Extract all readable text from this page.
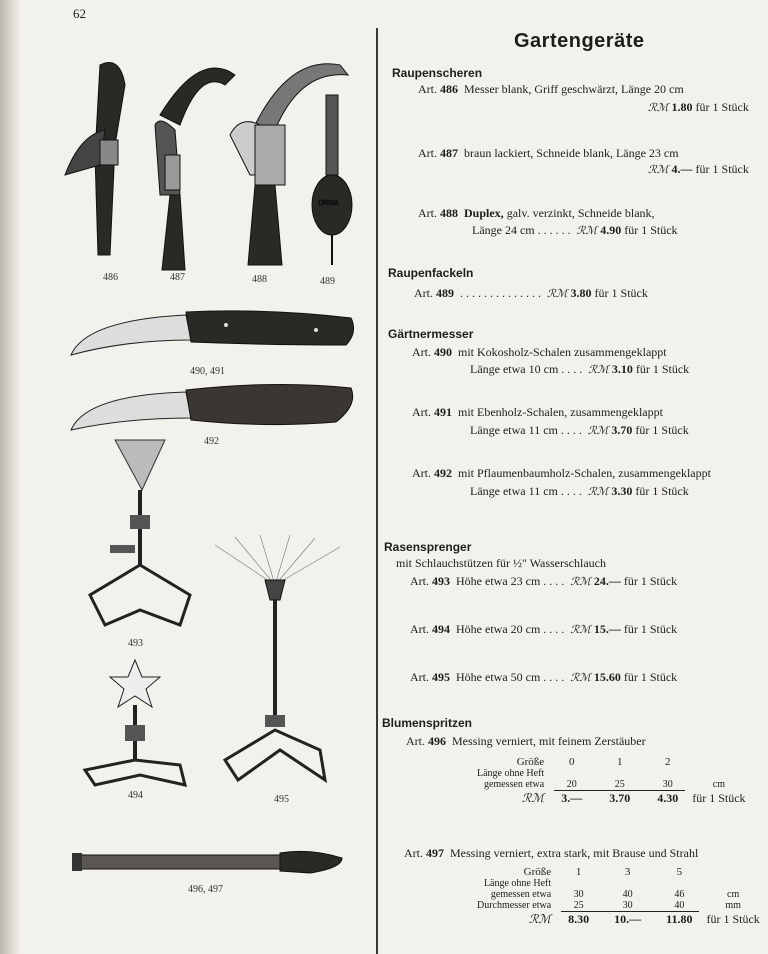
62
Gartengeräte
ORGA
486	487	488	489
490, 491
492
493
495
494
496, 497
Raupenscheren
Art. 486 Messer blank, Griff geschwärzt, Länge 20 cm
ℛℳ 1.80 für 1 Stück
Art. 487 braun lackiert, Schneide blank, Länge 23 cm
ℛℳ 4.— für 1 Stück
Art. 488 Duplex, galv. verzinkt, Schneide blank,
Länge 24 cm . . . . . . ℛℳ 4.90 für 1 Stück
Raupenfackeln
Art. 489 . . . . . . . . . . . . . . ℛℳ 3.80 für 1 Stück
Gärtnermesser
Art. 490 mit Kokosholz-Schalen zusammengeklappt
Länge etwa 10 cm . . . . ℛℳ 3.10 für 1 Stück
Art. 491 mit Ebenholz-Schalen, zusammengeklappt
Länge etwa 11 cm . . . . ℛℳ 3.70 für 1 Stück
Art. 492 mit Pflaumenbaumholz-Schalen, zusammengeklappt
Länge etwa 11 cm . . . . ℛℳ 3.30 für 1 Stück
Rasensprenger
mit Schlauchstützen für ½" Wasserschlauch
Art. 493 Höhe etwa 23 cm . . . . ℛℳ 24.— für 1 Stück
Art. 494 Höhe etwa 20 cm . . . . ℛℳ 15.— für 1 Stück
Art. 495 Höhe etwa 50 cm . . . . ℛℳ 15.60 für 1 Stück
Blumenspritzen
Art. 496 Messing verniert, mit feinem Zerstäuber
Größe	0	1	2	
Länge ohne Heft				
gemessen etwa	20	25	30	cm
ℛℳ	3.—	3.70	4.30	für 1 Stück
Art. 497 Messing verniert, extra stark, mit Brause und Strahl
Größe	1	3	5	
Länge ohne Heft				
gemessen etwa	30	40	46	cm
Durchmesser etwa	25	30	40	mm
ℛℳ	8.30	10.—	11.80	für 1 Stück
